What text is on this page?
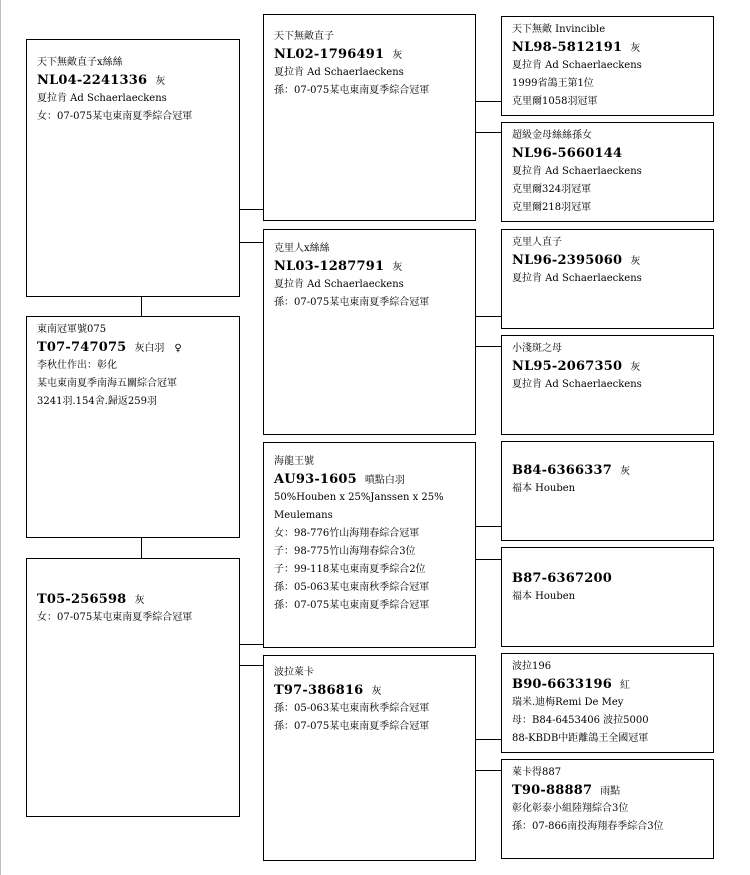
天下無敵直子x絲絲
NL04-2241336 灰
夏拉肯 Ad Schaerlaeckens
女：07-075某屯東南夏季綜合冠軍
東南冠軍號075
T07-747075 灰白羽　♀
李秋仕作出：彰化
某屯東南夏季南海五關綜合冠軍
3241羽.154舍.歸返259羽
T05-256598 灰
女：07-075某屯東南夏季綜合冠軍
天下無敵直子
NL02-1796491 灰
夏拉肯 Ad Schaerlaeckens
孫：07-075某屯東南夏季綜合冠軍
克里人x絲絲
NL03-1287791 灰
夏拉肯 Ad Schaerlaeckens
孫：07-075某屯東南夏季綜合冠軍
海龍王號
AU93-1605 噴點白羽
50%Houben x 25%Janssen x 25%
Meulemans
女：98-776竹山海翔春綜合冠軍
子：98-775竹山海翔春綜合3位
子：99-118某屯東南夏季綜合2位
孫：05-063某屯東南秋季綜合冠軍
孫：07-075某屯東南夏季綜合冠軍
波拉萊卡
T97-386816 灰
孫：05-063某屯東南秋季綜合冠軍
孫：07-075某屯東南夏季綜合冠軍
天下無敵 Invincible
NL98-5812191 灰
夏拉肯 Ad Schaerlaeckens
1999省鴿王第1位
克里爾1058羽冠軍
超級金母絲絲孫女
NL96-5660144
夏拉肯 Ad Schaerlaeckens
克里爾324羽冠軍
克里爾218羽冠軍
克里人直子
NL96-2395060 灰
夏拉肯 Ad Schaerlaeckens
小淺斑之母
NL95-2067350 灰
夏拉肯 Ad Schaerlaeckens
B84-6366337 灰
福本 Houben
B87-6367200
福本 Houben
波拉196
B90-6633196 紅
瑞米.迪梅Remi De Mey
母：B84-6453406 波拉5000
88-KBDB中距離鴿王全國冠軍
萊卡得887
T90-88887 雨點
彰化彰泰小組陸翔綜合3位
孫：07-866南投海翔春季綜合3位
